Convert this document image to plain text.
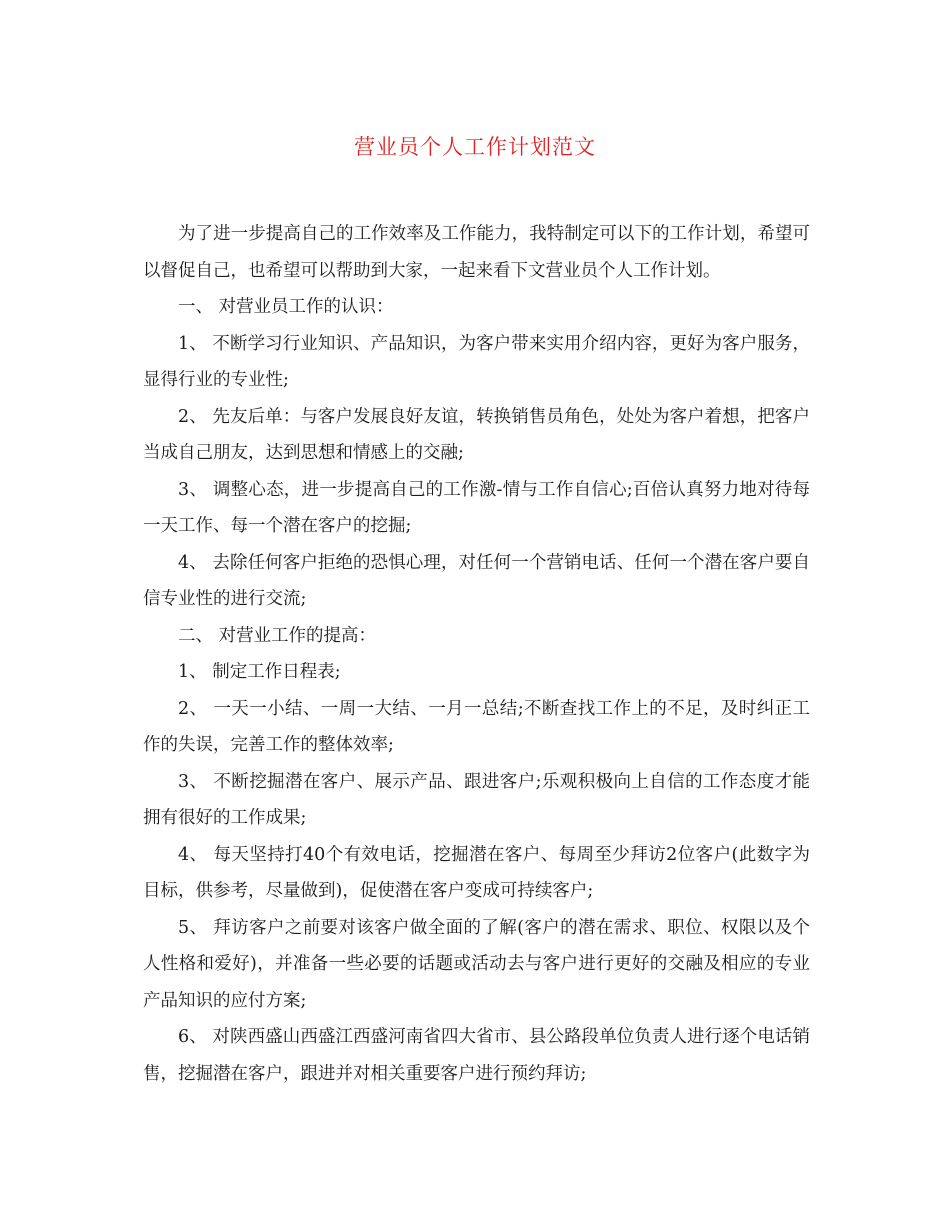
营业员个人工作计划范文

为了进一步提高自己的工作效率及工作能力，我特制定可以下的工作计划，希望可以督促自己，也希望可以帮助到大家，一起来看下文营业员个人工作计划。

一、 对营业员工作的认识：

1、 不断学习行业知识、产品知识，为客户带来实用介绍内容，更好为客户服务，显得行业的专业性;

2、 先友后单：与客户发展良好友谊，转换销售员角色，处处为客户着想，把客户当成自己朋友，达到思想和情感上的交融;

3、 调整心态，进一步提高自己的工作激-情与工作自信心;百倍认真努力地对待每一天工作、每一个潜在客户的挖掘;

4、 去除任何客户拒绝的恐惧心理，对任何一个营销电话、任何一个潜在客户要自信专业性的进行交流;

二、 对营业工作的提高：

1、 制定工作日程表;

2、 一天一小结、一周一大结、一月一总结;不断查找工作上的不足，及时纠正工作的失误，完善工作的整体效率;

3、 不断挖掘潜在客户、展示产品、跟进客户;乐观积极向上自信的工作态度才能拥有很好的工作成果;

4、 每天坚持打40个有效电话，挖掘潜在客户、每周至少拜访2位客户(此数字为目标，供参考，尽量做到)，促使潜在客户变成可持续客户;

5、 拜访客户之前要对该客户做全面的了解(客户的潜在需求、职位、权限以及个人性格和爱好)，并准备一些必要的话题或活动去与客户进行更好的交融及相应的专业产品知识的应付方案;

6、 对陕西盛山西盛江西盛河南省四大省市、县公路段单位负责人进行逐个电话销售，挖掘潜在客户，跟进并对相关重要客户进行预约拜访;
